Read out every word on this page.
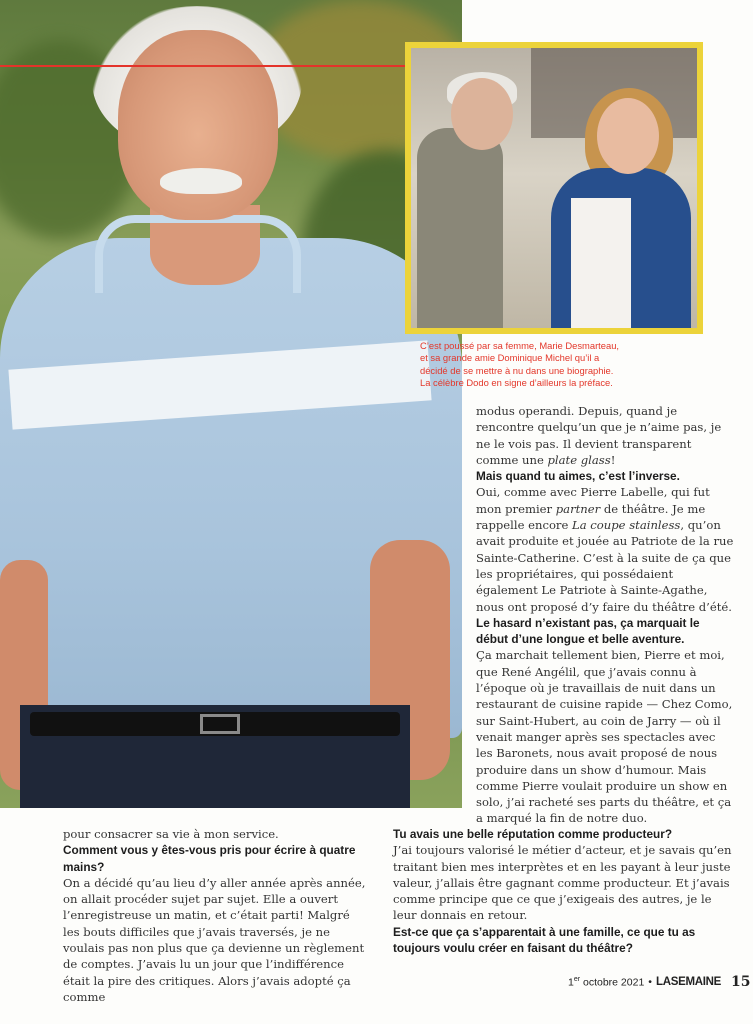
C’est poussé par sa femme, Marie Desmarteau,

et sa grande amie Dominique Michel qu’il a

décidé de se mettre à nu dans une biographie.

La célèbre Dodo en signe d’ailleurs la préface.

modus operandi. Depuis, quand je rencontre quelqu’un que je n’aime pas, je ne le vois pas. Il devient transparent comme une plate glass!

Mais quand tu aimes, c’est l’inverse.

Oui, comme avec Pierre Labelle, qui fut mon premier partner de théâtre. Je me rappelle encore La coupe stainless, qu’on avait produite et jouée au Patriote de la rue Sainte-Catherine. C’est à la suite de ça que les propriétaires, qui possédaient également Le Patriote à Sainte-Agathe, nous ont proposé d’y faire du théâtre d’été.

Le hasard n’existant pas, ça marquait le début d’une longue et belle aventure.

Ça marchait tellement bien, Pierre et moi, que René Angélil, que j’avais connu à l’époque où je travaillais de nuit dans un restaurant de cuisine rapide — Chez Como, sur Saint-Hubert, au coin de Jarry — où il venait manger après ses spectacles avec les Baronets, nous avait proposé de nous produire dans un show d’humour. Mais comme Pierre voulait produire un show en solo, j’ai racheté ses parts du théâtre, et ça a marqué la fin de notre duo.

pour consacrer sa vie à mon service.

Comment vous y êtes-vous pris pour écrire à quatre mains?

On a décidé qu’au lieu d’y aller année après année, on allait procéder sujet par sujet. Elle a ouvert l’enregistreuse un matin, et c’était parti! Malgré les bouts difficiles que j’avais traversés, je ne voulais pas non plus que ça devienne un règlement de comptes. J’avais lu un jour que l’indifférence était la pire des critiques. Alors j’avais adopté ça comme

Tu avais une belle réputation comme producteur?

J’ai toujours valorisé le métier d’acteur, et je savais qu’en traitant bien mes interprètes et en les payant à leur juste valeur, j’allais être gagnant comme producteur. Et j’avais comme principe que ce que j’exigeais des autres, je le leur donnais en retour.

Est-ce que ça s’apparentait à une famille, ce que tu as toujours voulu créer en faisant du théâtre?

1er octobre 2021 • LASEMAINE 15
